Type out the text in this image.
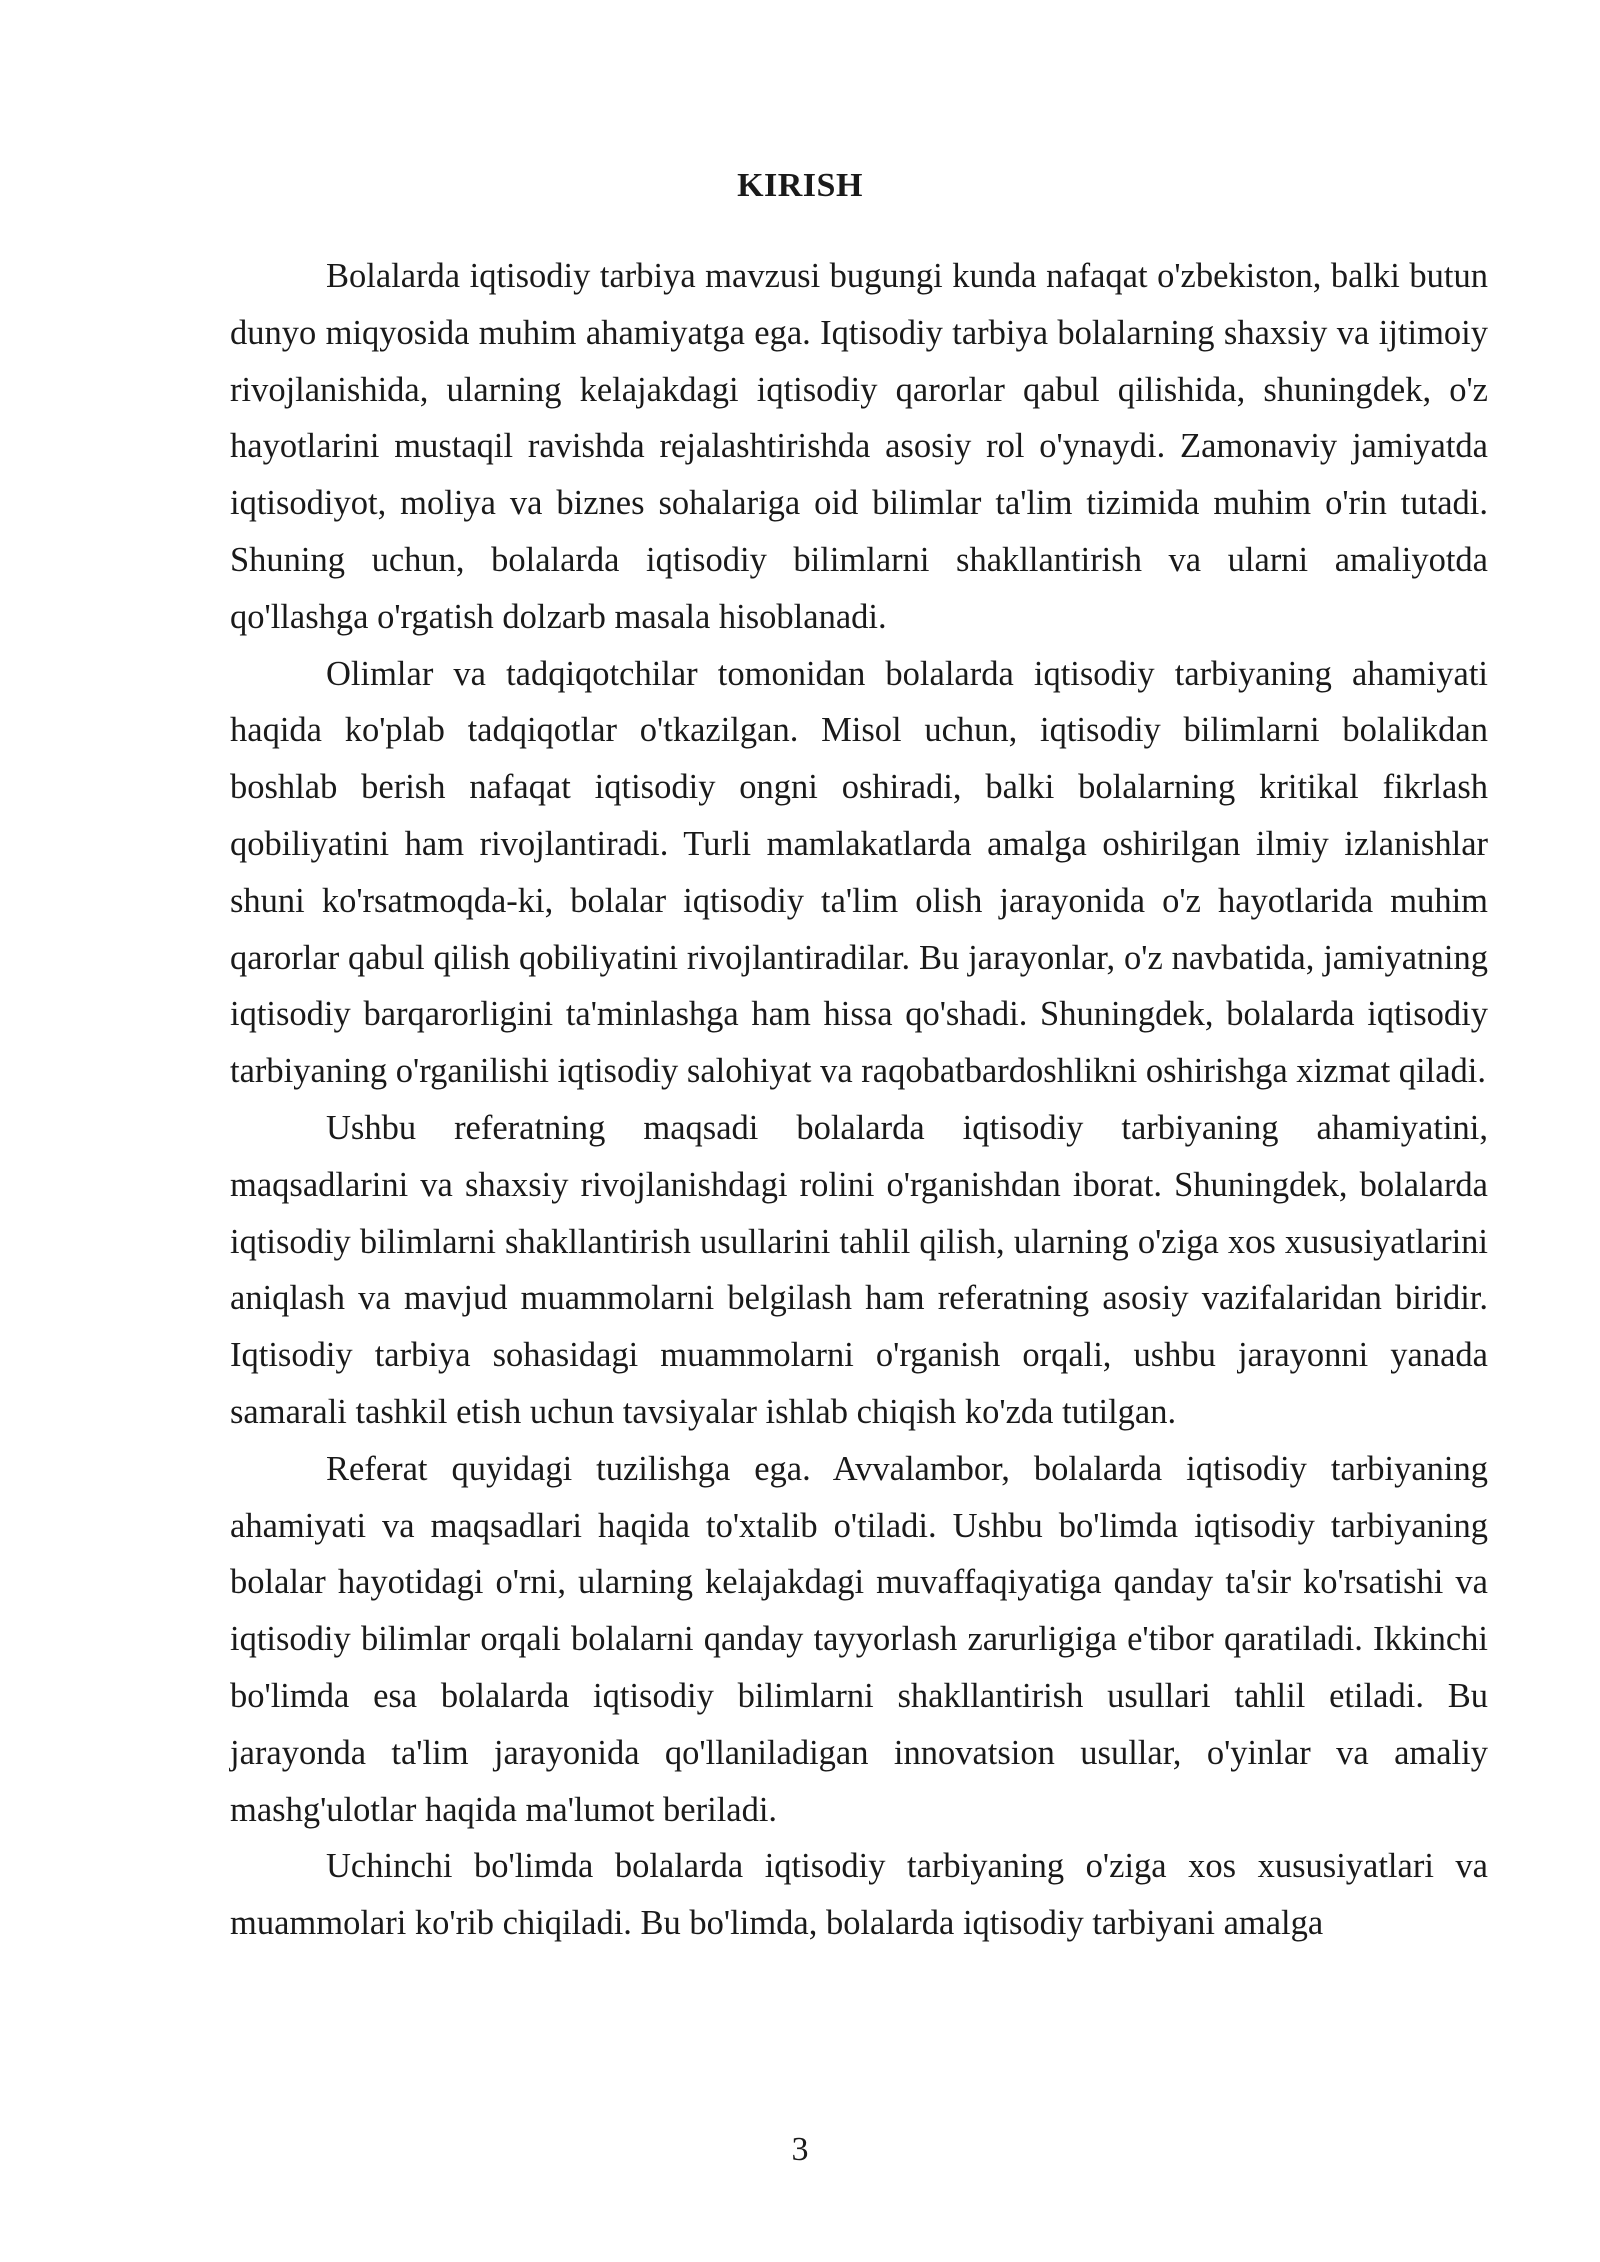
KIRISH

Bolalarda iqtisodiy tarbiya mavzusi bugungi kunda nafaqat o'zbekiston, balki butun dunyo miqyosida muhim ahamiyatga ega. Iqtisodiy tarbiya bolalarning shaxsiy va ijtimoiy rivojlanishida, ularning kelajakdagi iqtisodiy qarorlar qabul qilishida, shuningdek, o'z hayotlarini mustaqil ravishda rejalashtirishda asosiy rol o'ynaydi. Zamonaviy jamiyatda iqtisodiyot, moliya va biznes sohalariga oid bilimlar ta'lim tizimida muhim o'rin tutadi. Shuning uchun, bolalarda iqtisodiy bilimlarni shakllantirish va ularni amaliyotda qo'llashga o'rgatish dolzarb masala hisoblanadi.

Olimlar va tadqiqotchilar tomonidan bolalarda iqtisodiy tarbiyaning ahamiyati haqida ko'plab tadqiqotlar o'tkazilgan. Misol uchun, iqtisodiy bilimlarni bolalikdan boshlab berish nafaqat iqtisodiy ongni oshiradi, balki bolalarning kritikal fikrlash qobiliyatini ham rivojlantiradi. Turli mamlakatlarda amalga oshirilgan ilmiy izlanishlar shuni ko'rsatmoqda-ki, bolalar iqtisodiy ta'lim olish jarayonida o'z hayotlarida muhim qarorlar qabul qilish qobiliyatini rivojlantiradilar. Bu jarayonlar, o'z navbatida, jamiyatning iqtisodiy barqarorligini ta'minlashga ham hissa qo'shadi. Shuningdek, bolalarda iqtisodiy tarbiyaning o'rganilishi iqtisodiy salohiyat va raqobatbardoshlikni oshirishga xizmat qiladi.

Ushbu referatning maqsadi bolalarda iqtisodiy tarbiyaning ahamiyatini, maqsadlarini va shaxsiy rivojlanishdagi rolini o'rganishdan iborat. Shuningdek, bolalarda iqtisodiy bilimlarni shakllantirish usullarini tahlil qilish, ularning o'ziga xos xususiyatlarini aniqlash va mavjud muammolarni belgilash ham referatning asosiy vazifalaridan biridir. Iqtisodiy tarbiya sohasidagi muammolarni o'rganish orqali, ushbu jarayonni yanada samarali tashkil etish uchun tavsiyalar ishlab chiqish ko'zda tutilgan.

Referat quyidagi tuzilishga ega. Avvalambor, bolalarda iqtisodiy tarbiyaning ahamiyati va maqsadlari haqida to'xtalib o'tiladi. Ushbu bo'limda iqtisodiy tarbiyaning bolalar hayotidagi o'rni, ularning kelajakdagi muvaffaqiyatiga qanday ta'sir ko'rsatishi va iqtisodiy bilimlar orqali bolalarni qanday tayyorlash zarurligiga e'tibor qaratiladi. Ikkinchi bo'limda esa bolalarda iqtisodiy bilimlarni shakllantirish usullari tahlil etiladi. Bu jarayonda ta'lim jarayonida qo'llaniladigan innovatsion usullar, o'yinlar va amaliy mashg'ulotlar haqida ma'lumot beriladi.

Uchinchi bo'limda bolalarda iqtisodiy tarbiyaning o'ziga xos xususiyatlari va muammolari ko'rib chiqiladi. Bu bo'limda, bolalarda iqtisodiy tarbiyani amalga

3
